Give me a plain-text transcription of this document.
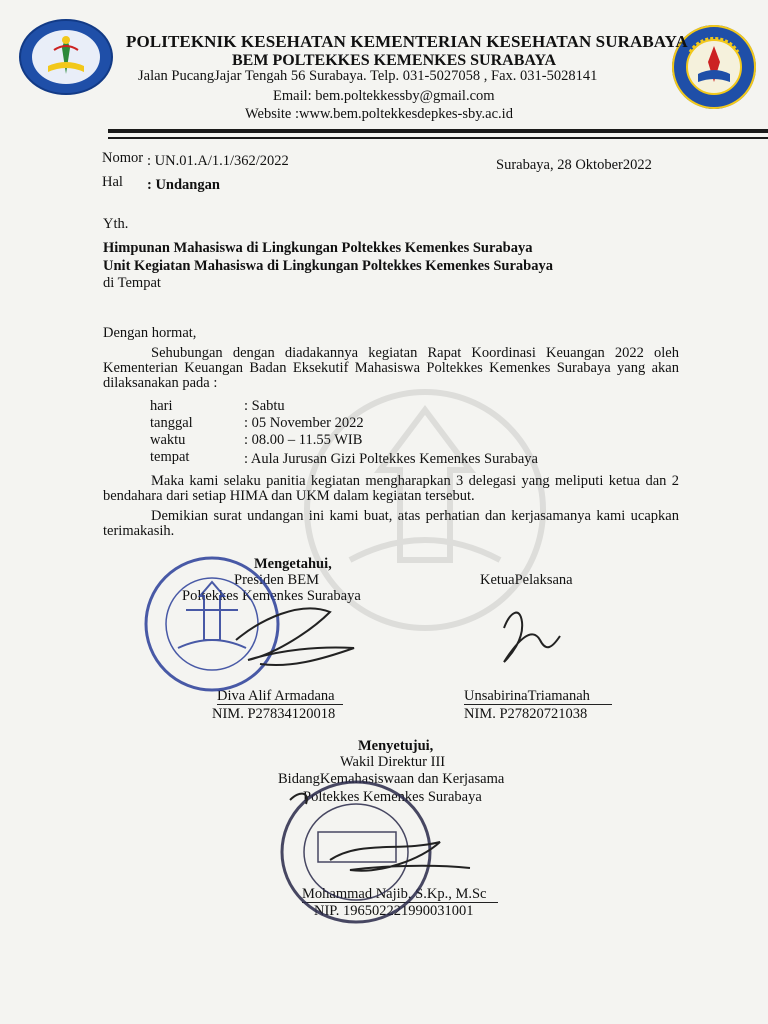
POLITEKNIK KESEHATAN KEMENTERIAN KESEHATAN SURABAYA
BEM POLTEKKES KEMENKES SURABAYA
Jalan PucangJajar Tengah 56 Surabaya. Telp. 031-5027058 , Fax. 031-5028141
Email: bem.poltekkessby@gmail.com
Website :www.bem.poltekkesdepkes-sby.ac.id
Nomor : UN.01.A/1.1/362/2022	Surabaya, 28 Oktober2022
Hal : Undangan
Yth.
Himpunan Mahasiswa di Lingkungan Poltekkes Kemenkes Surabaya
Unit Kegiatan Mahasiswa di Lingkungan Poltekkes Kemenkes Surabaya
di Tempat
Dengan hormat,
Sehubungan dengan diadakannya kegiatan Rapat Koordinasi Keuangan 2022 oleh Kementerian Keuangan Badan Eksekutif Mahasiswa Poltekkes Kemenkes Surabaya yang akan dilaksanakan pada :
hari	: Sabtu
tanggal	: 05 November 2022
waktu	: 08.00 – 11.55 WIB
tempat	: Aula Jurusan Gizi Poltekkes Kemenkes Surabaya
Maka kami selaku panitia kegiatan mengharapkan 3 delegasi yang meliputi ketua dan 2 bendahara dari setiap HIMA dan UKM dalam kegiatan tersebut.
Demikian surat undangan ini kami buat, atas perhatian dan kerjasamanya kami ucapkan terimakasih.
Mengetahui,
Presiden BEM
Poltekkes Kemenkes Surabaya
KetuaPelaksana
Diva Alif Armadana
NIM. P27834120018
UnsabirinaTriamanah
NIM. P27820721038
Menyetujui,
Wakil Direktur III
BidangKemahasiswaan dan Kerjasama
Poltekkes Kemenkes Surabaya
Mohammad Najib, S.Kp., M.Sc
NIP. 196502221990031001
